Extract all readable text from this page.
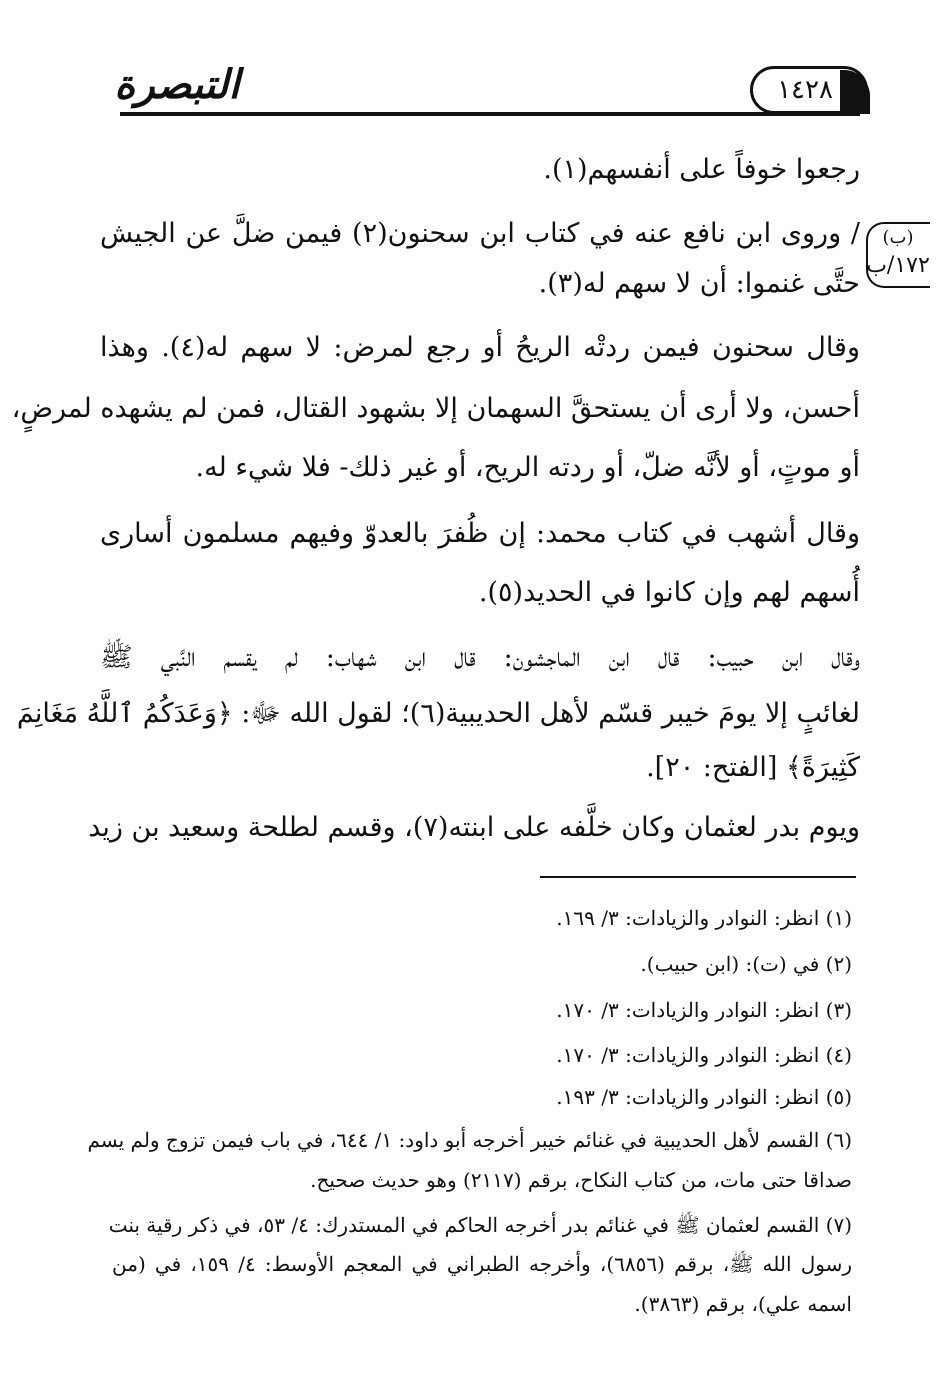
التبصرة	١٤٢٨
(ب)
١٧٢/ب
رجعوا خوفاً على أنفسهم(١).
/ وروى ابن نافع عنه في كتاب ابن سحنون(٢) فيمن ضلَّ عن الجيش
حتَّى غنموا: أن لا سهم له(٣).
وقال سحنون فيمن ردتْه الريحُ أو رجع لمرض: لا سهم له(٤). وهذا
أحسن، ولا أرى أن يستحقَّ السهمان إلا بشهود القتال، فمن لم يشهده لمرضٍ،
أو موتٍ، أو لأنَّه ضلّ، أو ردته الريح، أو غير ذلك- فلا شيء له.
وقال أشهب في كتاب محمد: إن ظُفرَ بالعدوّ وفيهم مسلمون أسارى
أُسهم لهم وإن كانوا في الحديد(٥).
وقال ابن حبيب: قال ابن الماجشون: قال ابن شهاب: لم يقسم النَّبي ﷺ
لغائبٍ إلا يومَ خيبر قسّم لأهل الحديبية(٦)؛ لقول الله ﷻ: ﴿وَعَدَكُمُ ٱللَّهُ مَغَانِمَ
كَثِيرَةً﴾ [الفتح: ٢٠].
ويوم بدر لعثمان وكان خلَّفه على ابنته(٧)، وقسم لطلحة وسعيد بن زيد
(١) انظر: النوادر والزيادات: ٣/ ١٦٩.
(٢) في (ت): (ابن حبيب).
(٣) انظر: النوادر والزيادات: ٣/ ١٧٠.
(٤) انظر: النوادر والزيادات: ٣/ ١٧٠.
(٥) انظر: النوادر والزيادات: ٣/ ١٩٣.
(٦) القسم لأهل الحديبية في غنائم خيبر أخرجه أبو داود: ١/ ٦٤٤، في باب فيمن تزوج ولم يسم
صداقا حتى مات، من كتاب النكاح، برقم (٢١١٧) وهو حديث صحيح.
(٧) القسم لعثمان ﷺ في غنائم بدر أخرجه الحاكم في المستدرك: ٤/ ٥٣، في ذكر رقية بنت
رسول الله ﷺ، برقم (٦٨٥٦)، وأخرجه الطبراني في المعجم الأوسط: ٤/ ١٥٩، في (من
اسمه علي)، برقم (٣٨٦٣).
